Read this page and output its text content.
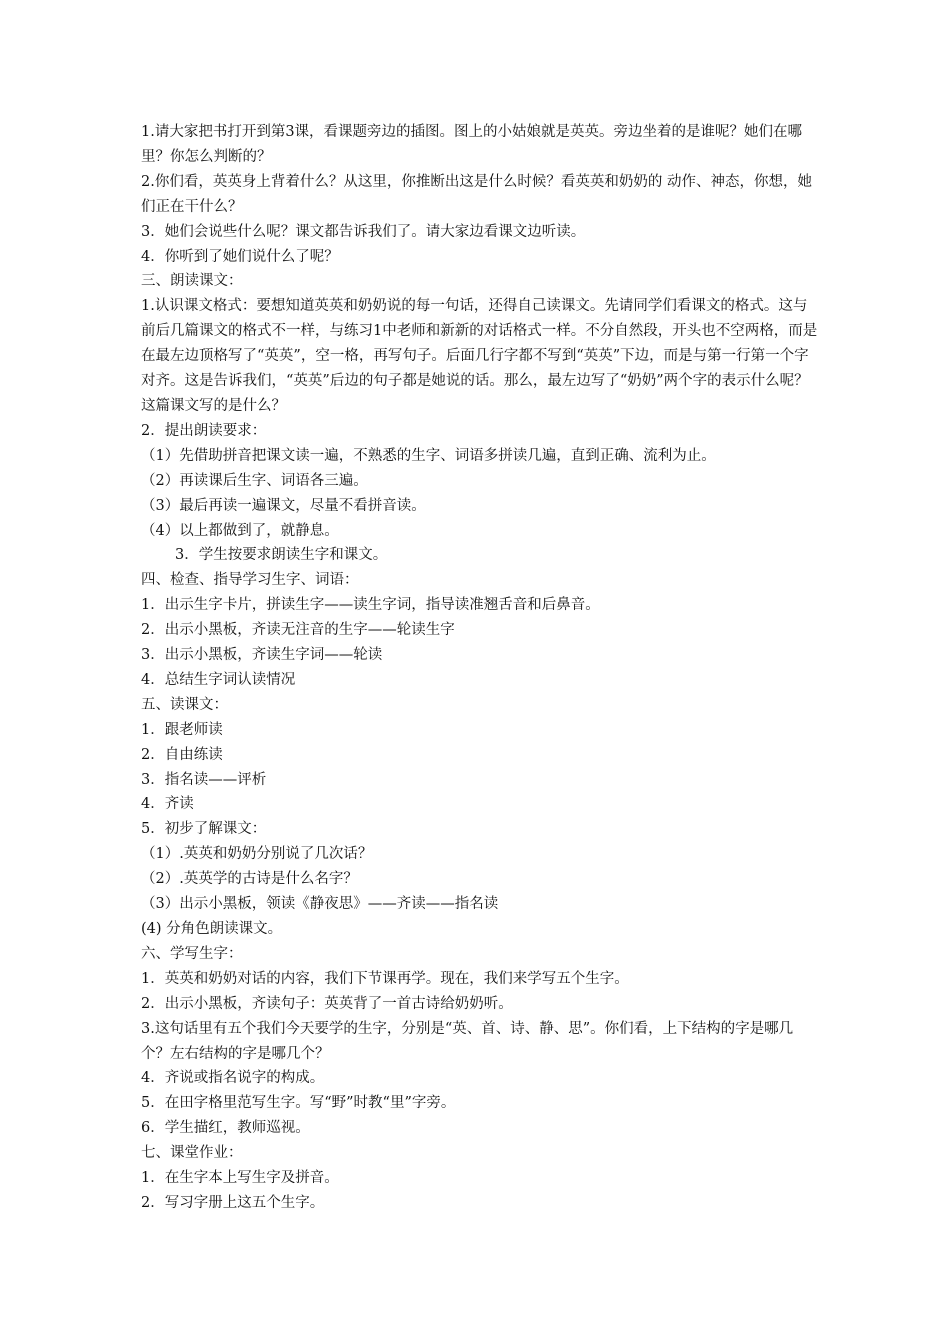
1.请大家把书打开到第3课，看课题旁边的插图。图上的小姑娘就是英英。旁边坐着的是谁呢？她们在哪里？你怎么判断的？
2.你们看，英英身上背着什么？从这里，你推断出这是什么时候？看英英和奶奶的 动作、神态，你想，她们正在干什么？
3．她们会说些什么呢？课文都告诉我们了。请大家边看课文边听读。
4．你听到了她们说什么了呢？
三、朗读课文：
1.认识课文格式：要想知道英英和奶奶说的每一句话，还得自己读课文。先请同学们看课文的格式。这与前后几篇课文的格式不一样，与练习1中老师和新新的对话格式一样。不分自然段，开头也不空两格，而是在最左边顶格写了“英英”，空一格，再写句子。后面几行字都不写到“英英”下边，而是与第一行第一个字对齐。这是告诉我们，“英英”后边的句子都是她说的话。那么，最左边写了“奶奶”两个字的表示什么呢？这篇课文写的是什么？
2．提出朗读要求：
（1）先借助拼音把课文读一遍，不熟悉的生字、词语多拼读几遍，直到正确、流利为止。
（2）再读课后生字、词语各三遍。
（3）最后再读一遍课文，尽量不看拼音读。
（4）以上都做到了，就静息。
3．学生按要求朗读生字和课文。
四、检查、指导学习生字、词语：
1．出示生字卡片，拼读生字——读生字词，指导读准翘舌音和后鼻音。
2．出示小黑板，齐读无注音的生字——轮读生字
3．出示小黑板，齐读生字词——轮读
4．总结生字词认读情况
五、读课文：
1．跟老师读
2．自由练读
3．指名读——评析
4．齐读
5．初步了解课文：
（1）.英英和奶奶分别说了几次话？
（2）.英英学的古诗是什么名字？
（3）出示小黑板，领读《静夜思》——齐读——指名读
(4) 分角色朗读课文。
六、学写生字：
1．英英和奶奶对话的内容，我们下节课再学。现在，我们来学写五个生字。
2．出示小黑板，齐读句子：英英背了一首古诗给奶奶听。
3.这句话里有五个我们今天要学的生字，分别是“英、首、诗、静、思”。你们看，上下结构的字是哪几个？左右结构的字是哪几个？
4．齐说或指名说字的构成。
5．在田字格里范写生字。写“野”时教“里”字旁。
6．学生描红，教师巡视。
七、课堂作业：
1．在生字本上写生字及拼音。
2．写习字册上这五个生字。
